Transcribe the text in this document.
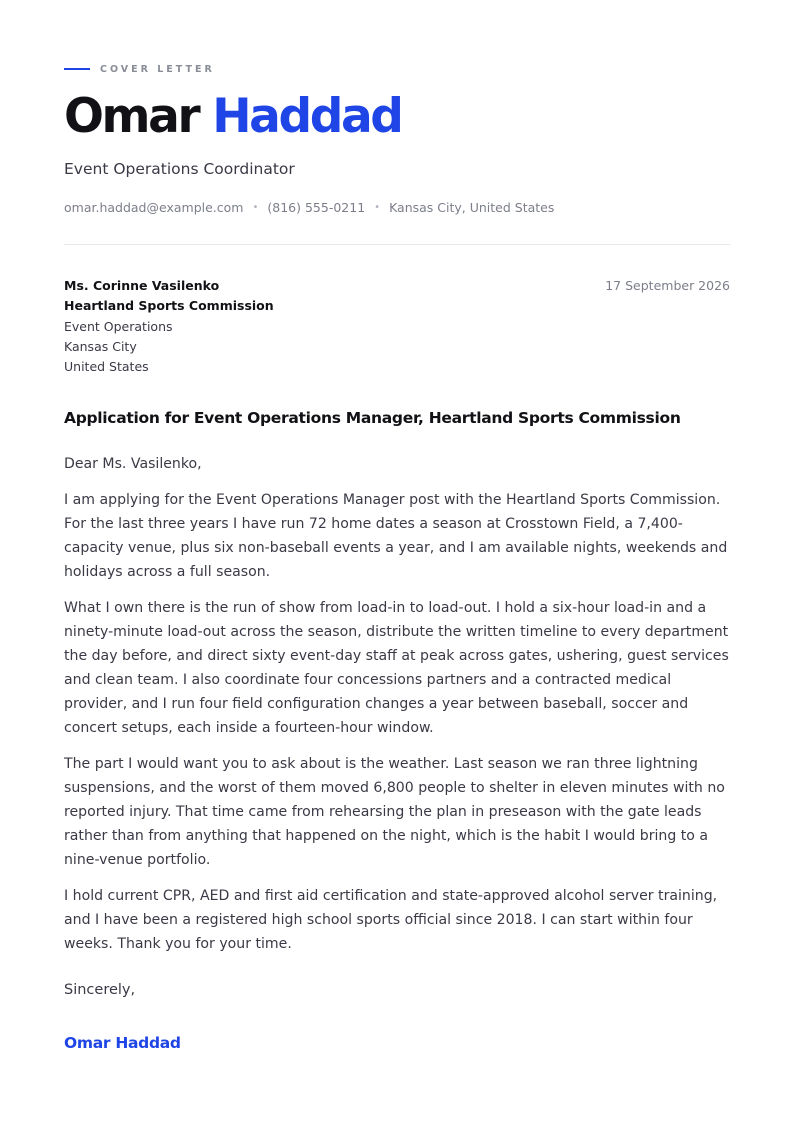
COVER LETTER
Omar Haddad
Event Operations Coordinator
omar.haddad@example.com • (816) 555-0211 • Kansas City, United States
Ms. Corinne Vasilenko
Heartland Sports Commission
Event Operations
Kansas City
United States
17 September 2026
Application for Event Operations Manager, Heartland Sports Commission

Dear Ms. Vasilenko,

I am applying for the Event Operations Manager post with the Heartland Sports Commission. For the last three years I have run 72 home dates a season at Crosstown Field, a 7,400-capacity venue, plus six non-baseball events a year, and I am available nights, weekends and holidays across a full season.

What I own there is the run of show from load-in to load-out. I hold a six-hour load-in and a ninety-minute load-out across the season, distribute the written timeline to every department the day before, and direct sixty event-day staff at peak across gates, ushering, guest services and clean team. I also coordinate four concessions partners and a contracted medical provider, and I run four field configuration changes a year between baseball, soccer and concert setups, each inside a fourteen-hour window.

The part I would want you to ask about is the weather. Last season we ran three lightning suspensions, and the worst of them moved 6,800 people to shelter in eleven minutes with no reported injury. That time came from rehearsing the plan in preseason with the gate leads rather than from anything that happened on the night, which is the habit I would bring to a nine-venue portfolio.

I hold current CPR, AED and first aid certification and state-approved alcohol server training, and I have been a registered high school sports official since 2018. I can start within four weeks. Thank you for your time.

Sincerely,
Omar Haddad
